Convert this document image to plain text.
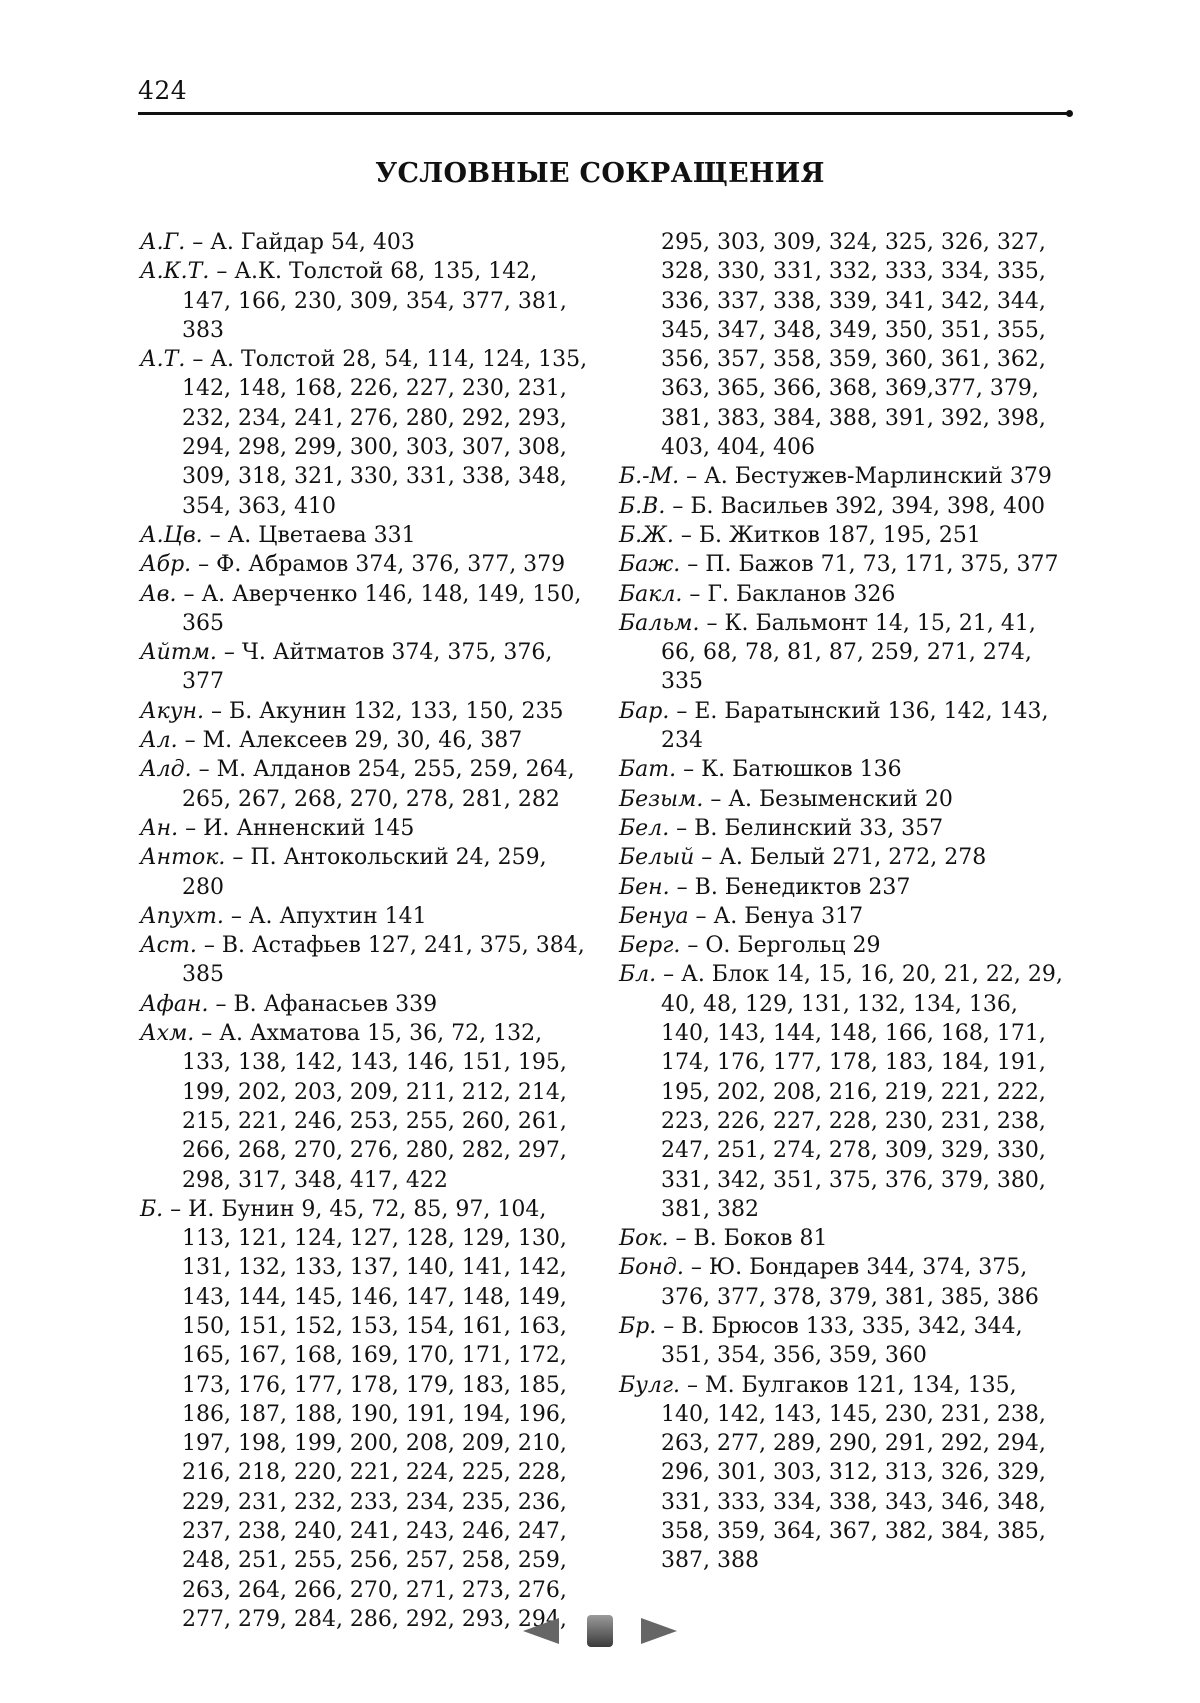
424
УСЛОВНЫЕ СОКРАЩЕНИЯ

А.Г. – А. Гайдар 54, 403

А.К.Т. – А.К. Толстой 68, 135, 142, 147, 166, 230, 309, 354, 377, 381, 383

А.Т. – А. Толстой 28, 54, 114, 124, 135, 142, 148, 168, 226, 227, 230, 231, 232, 234, 241, 276, 280, 292, 293, 294, 298, 299, 300, 303, 307, 308, 309, 318, 321, 330, 331, 338, 348, 354, 363, 410

А.Цв. – А. Цветаева 331

Абр. – Ф. Абрамов 374, 376, 377, 379

Ав. – А. Аверченко 146, 148, 149, 150, 365

Айтм. – Ч. Айтматов 374, 375, 376, 377

Акун. – Б. Акунин 132, 133, 150, 235

Ал. – М. Алексеев 29, 30, 46, 387

Алд. – М. Алданов 254, 255, 259, 264, 265, 267, 268, 270, 278, 281, 282

Ан. – И. Анненский 145

Анток. – П. Антокольский 24, 259, 280

Апухт. – А. Апухтин 141

Аст. – В. Астафьев 127, 241, 375, 384, 385

Афан. – В. Афанасьев 339

Ахм. – А. Ахматова 15, 36, 72, 132, 133, 138, 142, 143, 146, 151, 195, 199, 202, 203, 209, 211, 212, 214, 215, 221, 246, 253, 255, 260, 261, 266, 268, 270, 276, 280, 282, 297, 298, 317, 348, 417, 422

Б. – И. Бунин 9, 45, 72, 85, 97, 104, 113, 121, 124, 127, 128, 129, 130, 131, 132, 133, 137, 140, 141, 142, 143, 144, 145, 146, 147, 148, 149, 150, 151, 152, 153, 154, 161, 163, 165, 167, 168, 169, 170, 171, 172, 173, 176, 177, 178, 179, 183, 185, 186, 187, 188, 190, 191, 194, 196, 197, 198, 199, 200, 208, 209, 210, 216, 218, 220, 221, 224, 225, 228, 229, 231, 232, 233, 234, 235, 236, 237, 238, 240, 241, 243, 246, 247, 248, 251, 255, 256, 257, 258, 259, 263, 264, 266, 270, 271, 273, 276, 277, 279, 284, 286, 292, 293, 294,

295, 303, 309, 324, 325, 326, 327, 328, 330, 331, 332, 333, 334, 335, 336, 337, 338, 339, 341, 342, 344, 345, 347, 348, 349, 350, 351, 355, 356, 357, 358, 359, 360, 361, 362, 363, 365, 366, 368, 369,377, 379, 381, 383, 384, 388, 391, 392, 398, 403, 404, 406

Б.-М. – А. Бестужев-Марлинский 379

Б.В. – Б. Васильев 392, 394, 398, 400

Б.Ж. – Б. Житков 187, 195, 251

Баж. – П. Бажов 71, 73, 171, 375, 377

Бакл. – Г. Бакланов 326

Бальм. – К. Бальмонт 14, 15, 21, 41, 66, 68, 78, 81, 87, 259, 271, 274, 335

Бар. – Е. Баратынский 136, 142, 143, 234

Бат. – К. Батюшков 136

Безым. – А. Безыменский 20

Бел. – В. Белинский 33, 357

Белый – А. Белый 271, 272, 278

Бен. – В. Бенедиктов 237

Бенуа – А. Бенуа 317

Берг. – О. Бергольц 29

Бл. – А. Блок 14, 15, 16, 20, 21, 22, 29, 40, 48, 129, 131, 132, 134, 136, 140, 143, 144, 148, 166, 168, 171, 174, 176, 177, 178, 183, 184, 191, 195, 202, 208, 216, 219, 221, 222, 223, 226, 227, 228, 230, 231, 238, 247, 251, 274, 278, 309, 329, 330, 331, 342, 351, 375, 376, 379, 380, 381, 382

Бок. – В. Боков 81

Бонд. – Ю. Бондарев 344, 374, 375, 376, 377, 378, 379, 381, 385, 386

Бр. – В. Брюсов 133, 335, 342, 344, 351, 354, 356, 359, 360

Булг. – М. Булгаков 121, 134, 135, 140, 142, 143, 145, 230, 231, 238, 263, 277, 289, 290, 291, 292, 294, 296, 301, 303, 312, 313, 326, 329, 331, 333, 334, 338, 343, 346, 348, 358, 359, 364, 367, 382, 384, 385, 387, 388
